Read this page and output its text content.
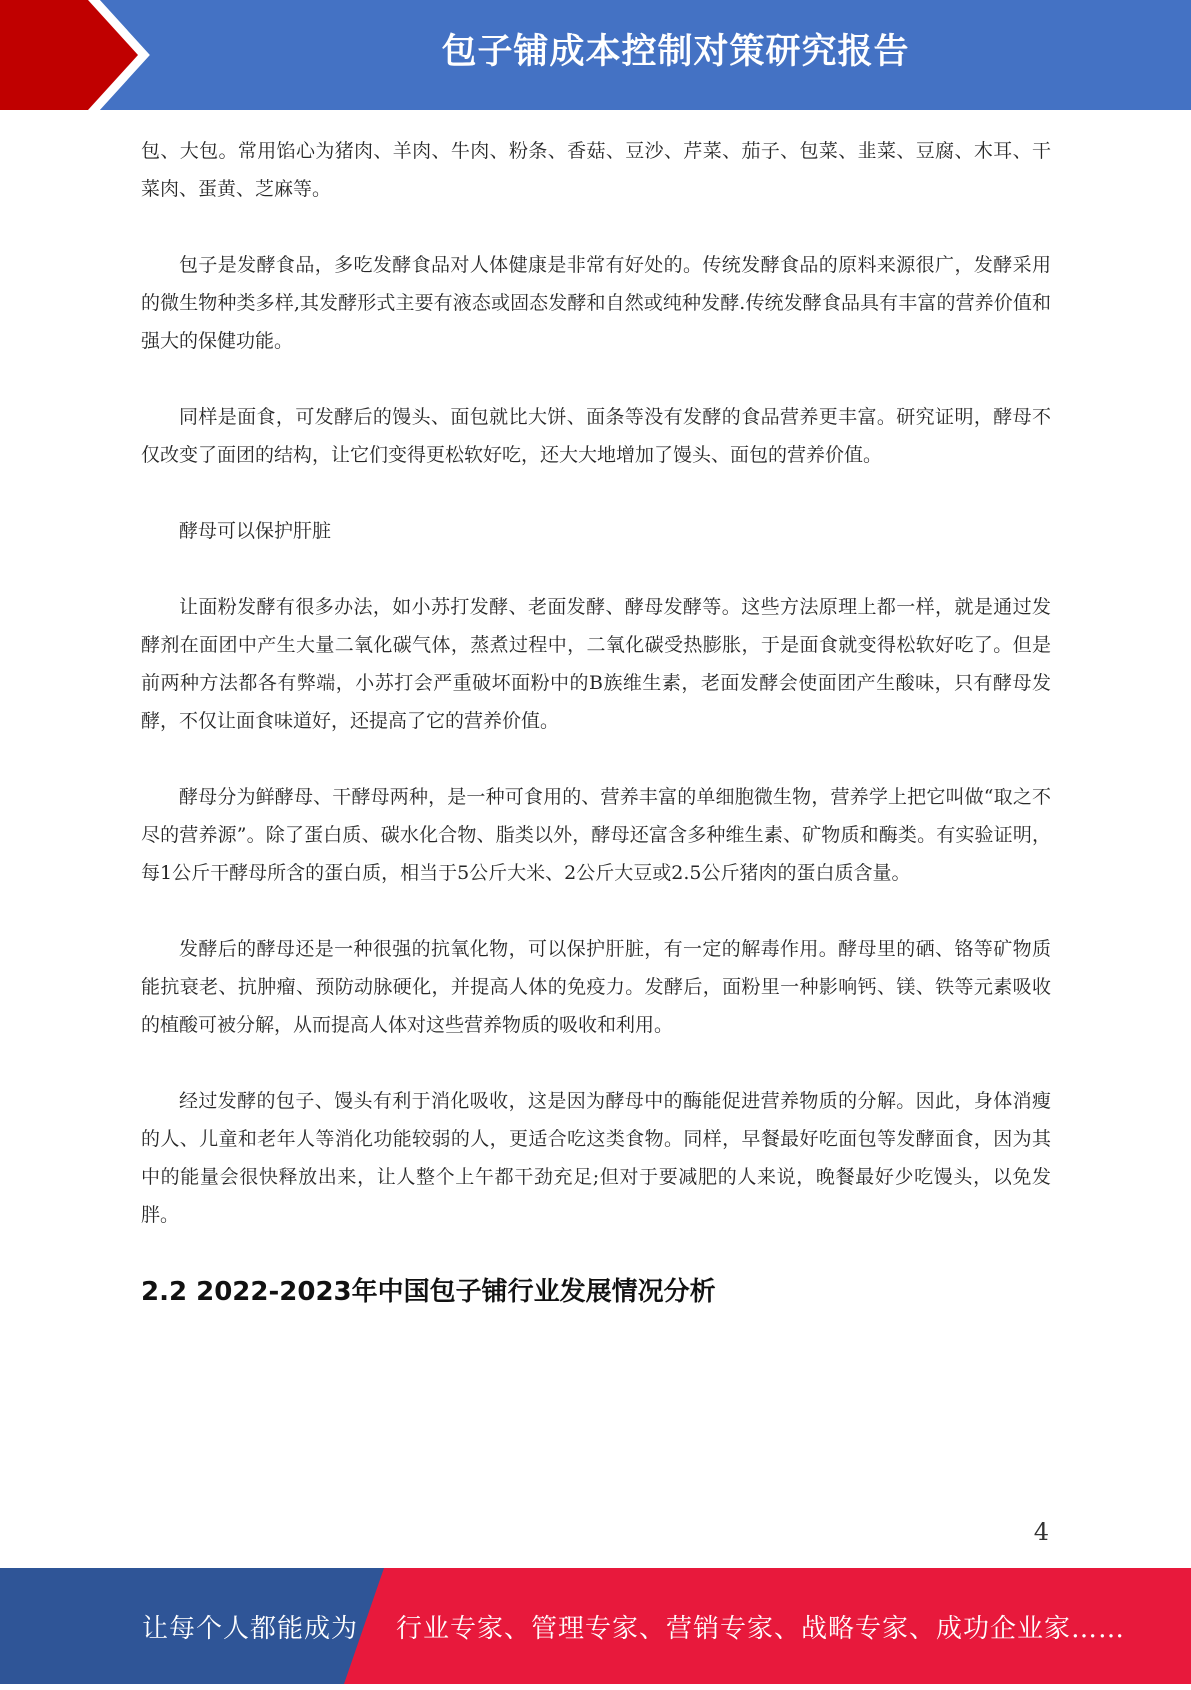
包子铺成本控制对策研究报告

包、大包。常用馅心为猪肉、羊肉、牛肉、粉条、香菇、豆沙、芹菜、茄子、包菜、韭菜、豆腐、木耳、干菜肉、蛋黄、芝麻等。

包子是发酵食品，多吃发酵食品对人体健康是非常有好处的。传统发酵食品的原料来源很广，发酵采用的微生物种类多样,其发酵形式主要有液态或固态发酵和自然或纯种发酵.传统发酵食品具有丰富的营养价值和强大的保健功能。

同样是面食，可发酵后的馒头、面包就比大饼、面条等没有发酵的食品营养更丰富。研究证明，酵母不仅改变了面团的结构，让它们变得更松软好吃，还大大地增加了馒头、面包的营养价值。

酵母可以保护肝脏

让面粉发酵有很多办法，如小苏打发酵、老面发酵、酵母发酵等。这些方法原理上都一样，就是通过发酵剂在面团中产生大量二氧化碳气体，蒸煮过程中，二氧化碳受热膨胀，于是面食就变得松软好吃了。但是前两种方法都各有弊端，小苏打会严重破坏面粉中的B族维生素，老面发酵会使面团产生酸味，只有酵母发酵，不仅让面食味道好，还提高了它的营养价值。

酵母分为鲜酵母、干酵母两种，是一种可食用的、营养丰富的单细胞微生物，营养学上把它叫做“取之不尽的营养源”。除了蛋白质、碳水化合物、脂类以外，酵母还富含多种维生素、矿物质和酶类。有实验证明，每1公斤干酵母所含的蛋白质，相当于5公斤大米、2公斤大豆或2.5公斤猪肉的蛋白质含量。

发酵后的酵母还是一种很强的抗氧化物，可以保护肝脏，有一定的解毒作用。酵母里的硒、铬等矿物质能抗衰老、抗肿瘤、预防动脉硬化，并提高人体的免疫力。发酵后，面粉里一种影响钙、镁、铁等元素吸收的植酸可被分解，从而提高人体对这些营养物质的吸收和利用。

经过发酵的包子、馒头有利于消化吸收，这是因为酵母中的酶能促进营养物质的分解。因此，身体消瘦的人、儿童和老年人等消化功能较弱的人，更适合吃这类食物。同样，早餐最好吃面包等发酵面食，因为其中的能量会很快释放出来，让人整个上午都干劲充足;但对于要减肥的人来说，晚餐最好少吃馒头，以免发胖。

2.2 2022-2023年中国包子铺行业发展情况分析
4
让每个人都能成为 行业专家、管理专家、营销专家、战略专家、成功企业家……
